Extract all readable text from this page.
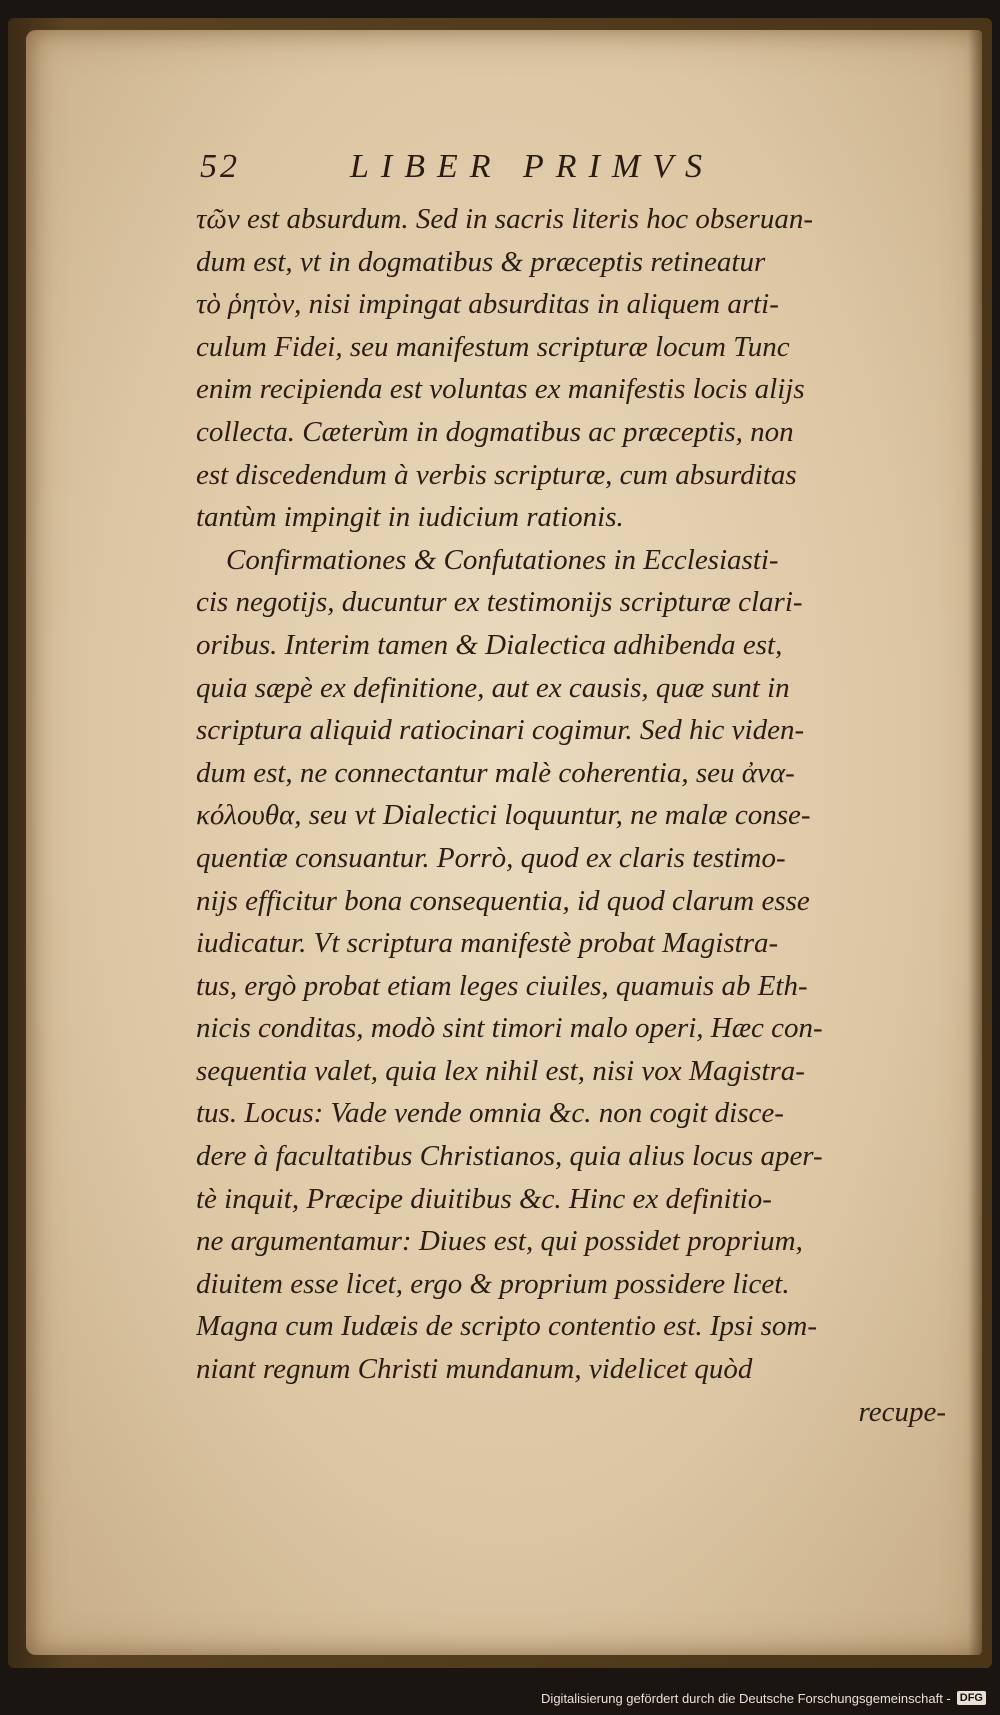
52	LIBER PRIMVS
τῶν est absurdum. Sed in sacris literis hoc obseruan-
dum est, vt in dogmatibus & præceptis retineatur
τὸ ῥητὸν, nisi impingat absurditas in aliquem arti-
culum Fidei, seu manifestum scripturæ locum Tunc
enim recipienda est voluntas ex manifestis locis alijs
collecta. Cæterùm in dogmatibus ac præceptis, non
est discedendum à verbis scripturæ, cum absurditas
tantùm impingit in iudicium rationis.
Confirmationes & Confutationes in Ecclesiasti-
cis negotijs, ducuntur ex testimonijs scripturæ clari-
oribus. Interim tamen & Dialectica adhibenda est,
quia sæpè ex definitione, aut ex causis, quæ sunt in
scriptura aliquid ratiocinari cogimur. Sed hic viden-
dum est, ne connectantur malè coherentia, seu ἀνα-
κόλουθα, seu vt Dialectici loquuntur, ne malæ conse-
quentiæ consuantur. Porrò, quod ex claris testimo-
nijs efficitur bona consequentia, id quod clarum esse
iudicatur. Vt scriptura manifestè probat Magistra-
tus, ergò probat etiam leges ciuiles, quamuis ab Eth-
nicis conditas, modò sint timori malo operi, Hæc con-
sequentia valet, quia lex nihil est, nisi vox Magistra-
tus. Locus: Vade vende omnia &c. non cogit disce-
dere à facultatibus Christianos, quia alius locus aper-
tè inquit, Præcipe diuitibus &c. Hinc ex definitio-
ne argumentamur: Diues est, qui possidet proprium,
diuitem esse licet, ergo & proprium possidere licet.
Magna cum Iudæis de scripto contentio est. Ipsi som-
niant regnum Christi mundanum, videlicet quòd
recupe-
Digitalisierung gefördert durch die Deutsche Forschungsgemeinschaft - DFG
